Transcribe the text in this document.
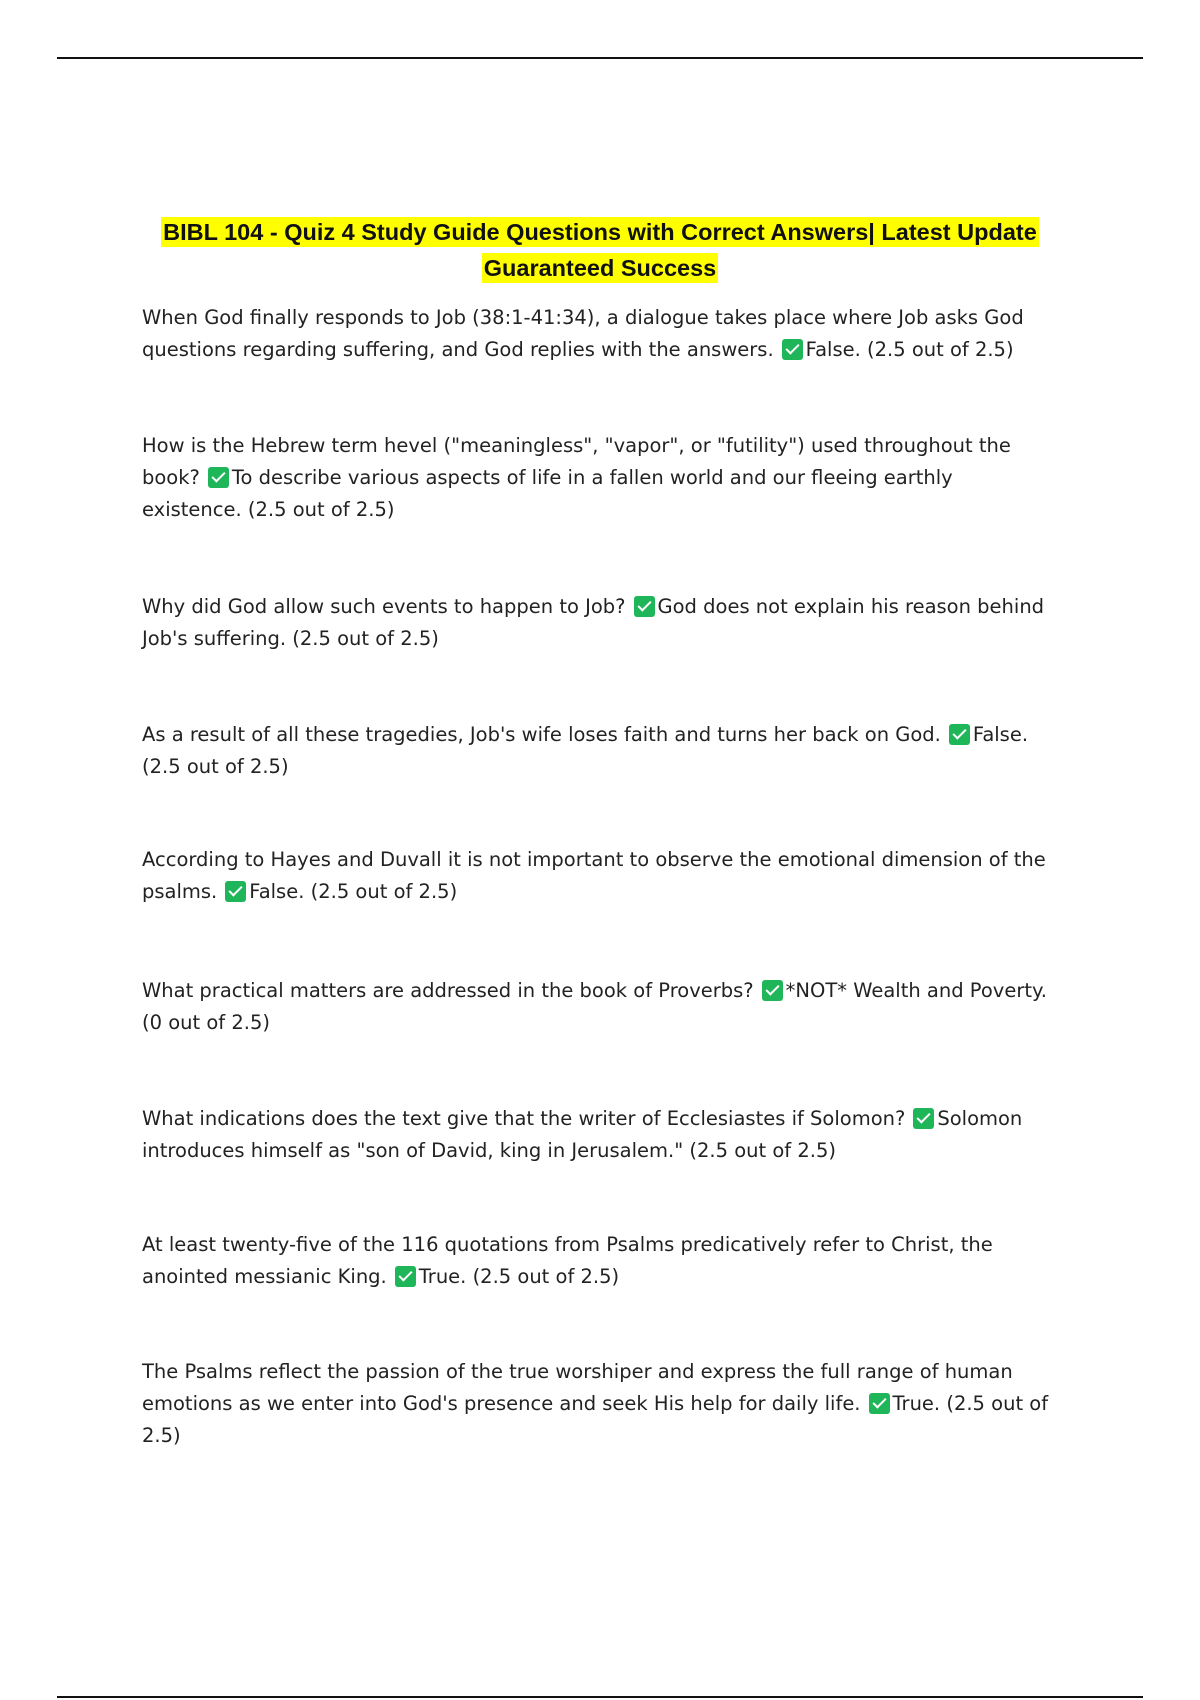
BIBL 104 - Quiz 4 Study Guide Questions with Correct Answers| Latest Update
Guaranteed Success
When God finally responds to Job (38:1-41:34), a dialogue takes place where Job asks God questions regarding suffering, and God replies with the answers. False. (2.5 out of 2.5)
How is the Hebrew term hevel ("meaningless", "vapor", or "futility") used throughout the book? To describe various aspects of life in a fallen world and our fleeing earthly existence. (2.5 out of 2.5)
Why did God allow such events to happen to Job? God does not explain his reason behind Job's suffering. (2.5 out of 2.5)
As a result of all these tragedies, Job's wife loses faith and turns her back on God. False. (2.5 out of 2.5)
According to Hayes and Duvall it is not important to observe the emotional dimension of the psalms. False. (2.5 out of 2.5)
What practical matters are addressed in the book of Proverbs? *NOT* Wealth and Poverty. (0 out of 2.5)
What indications does the text give that the writer of Ecclesiastes if Solomon? Solomon introduces himself as "son of David, king in Jerusalem." (2.5 out of 2.5)
At least twenty-five of the 116 quotations from Psalms predicatively refer to Christ, the anointed messianic King. True. (2.5 out of 2.5)
The Psalms reflect the passion of the true worshiper and express the full range of human emotions as we enter into God's presence and seek His help for daily life. True. (2.5 out of 2.5)
